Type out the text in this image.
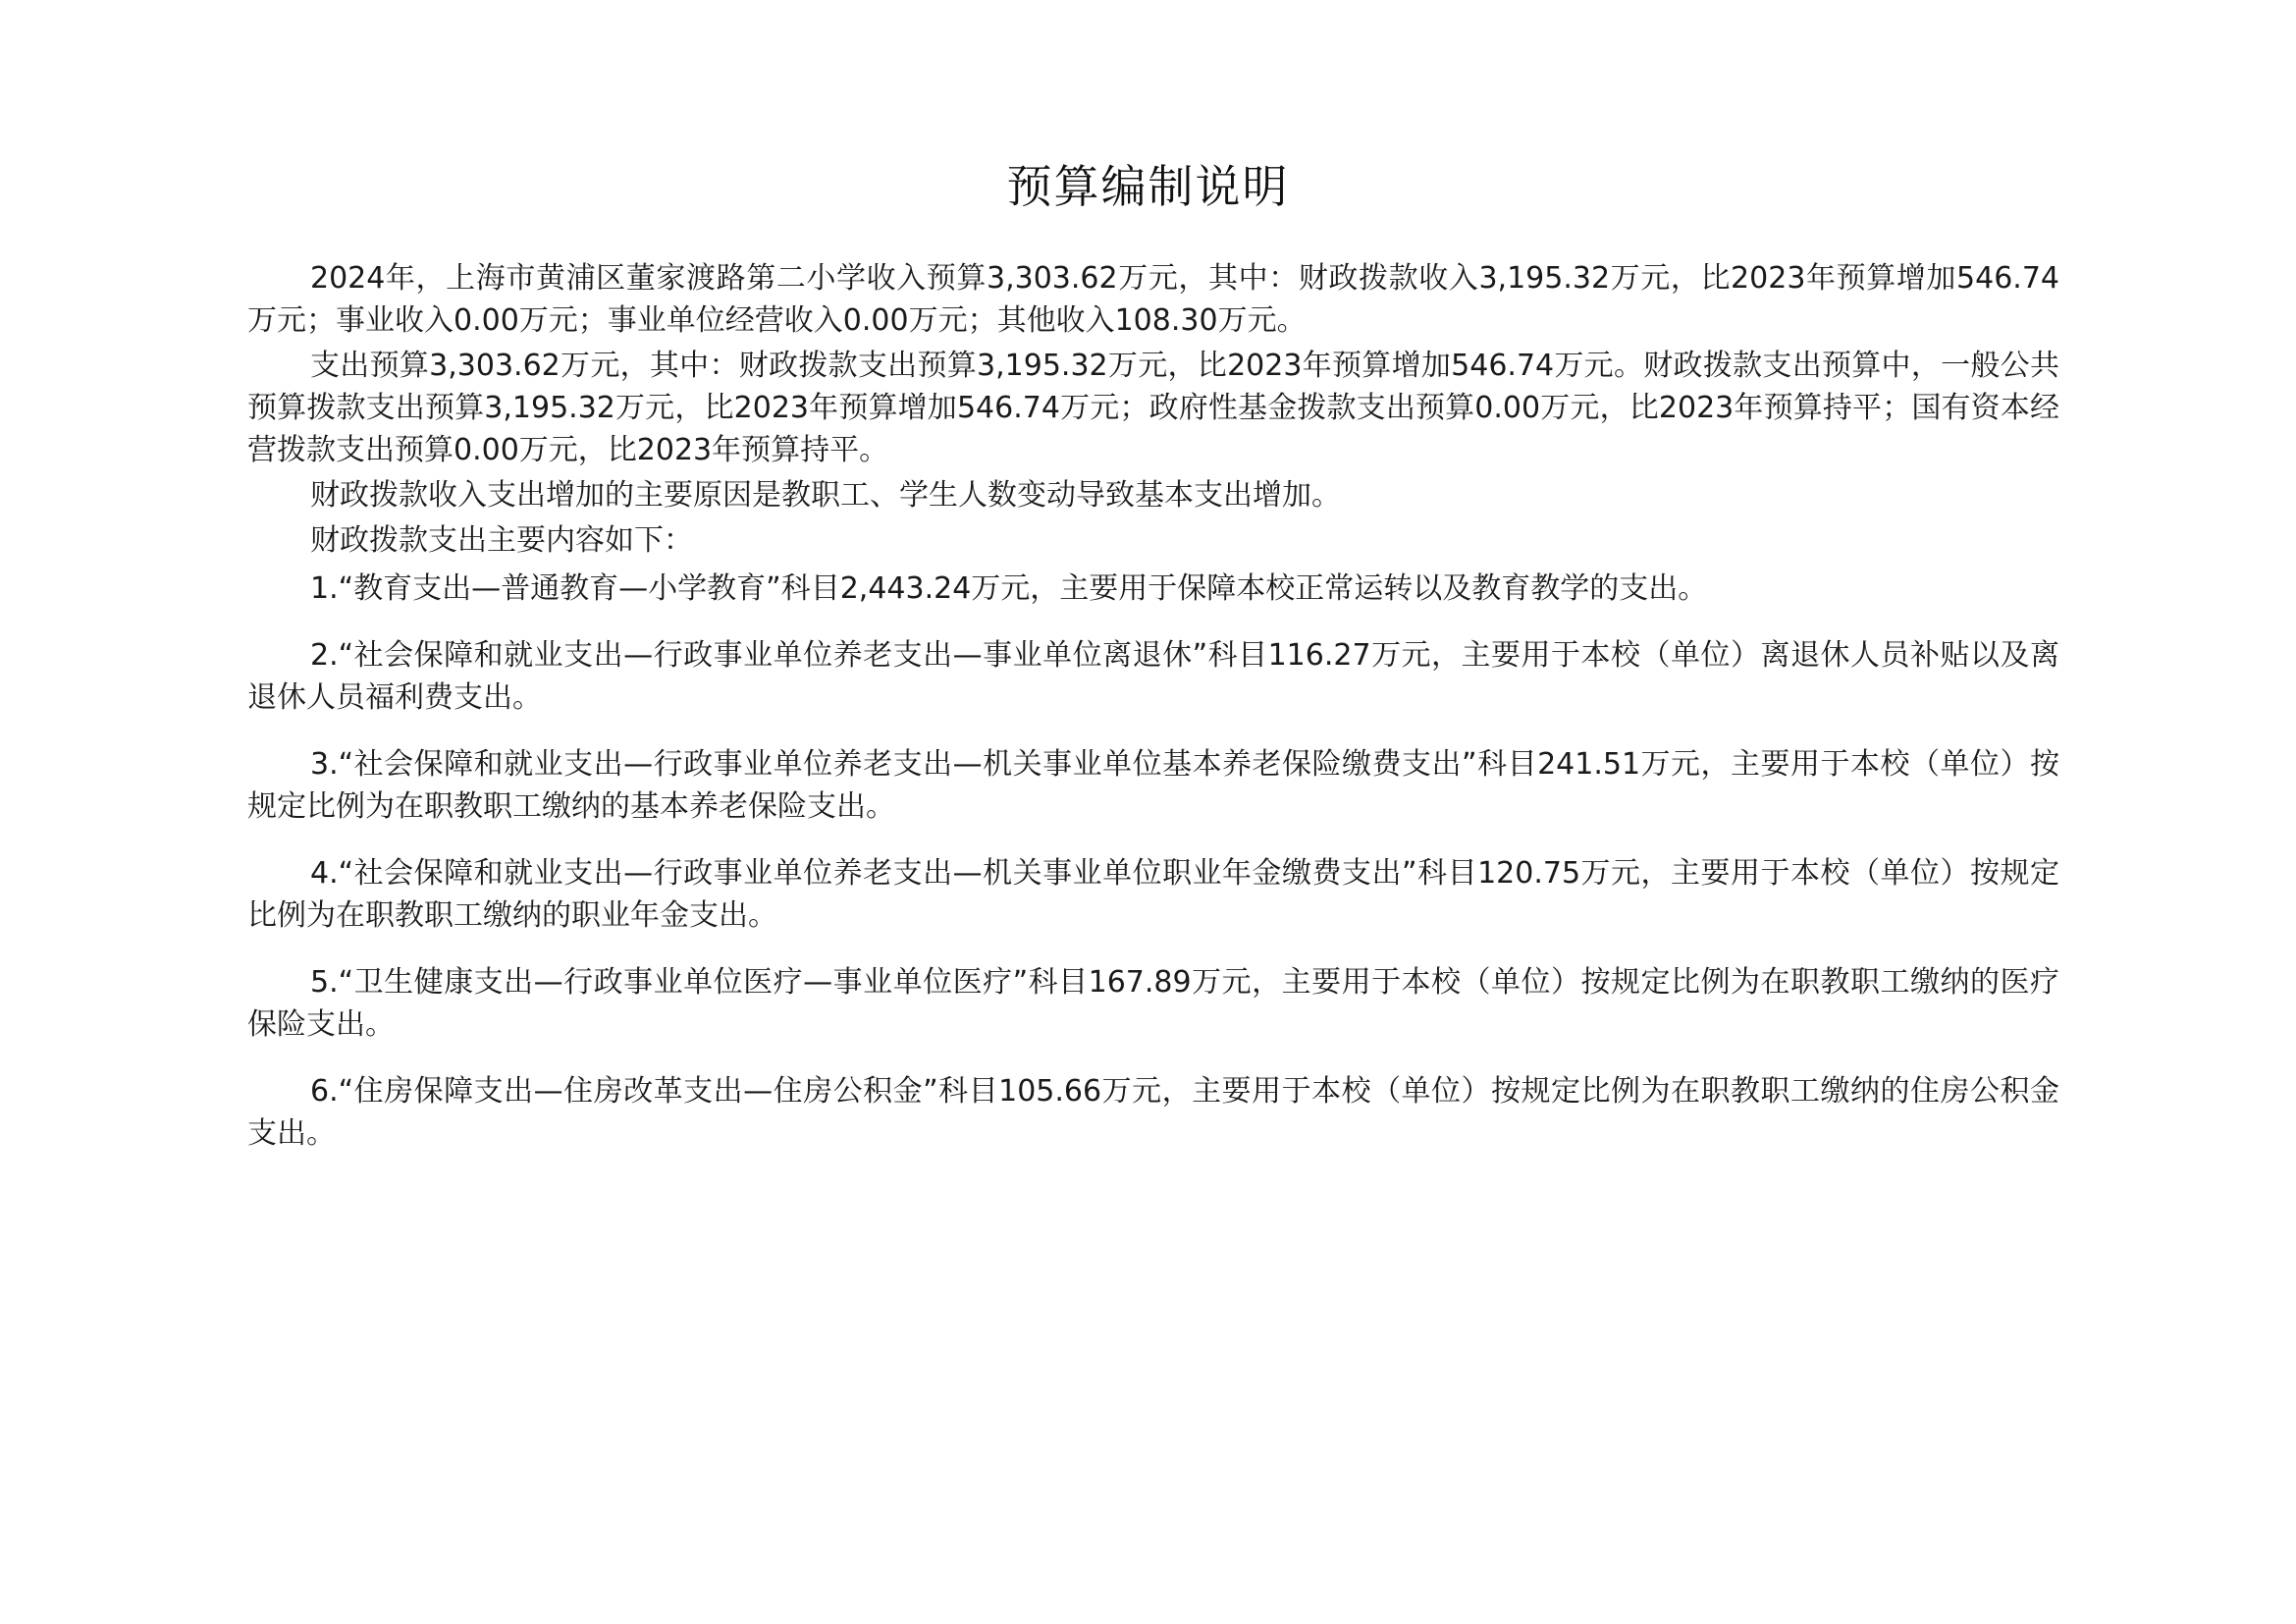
预算编制说明

2024年，上海市黄浦区董家渡路第二小学收入预算3,303.62万元，其中：财政拨款收入3,195.32万元，比2023年预算增加546.74万元；事业收入0.00万元；事业单位经营收入0.00万元；其他收入108.30万元。

支出预算3,303.62万元，其中：财政拨款支出预算3,195.32万元，比2023年预算增加546.74万元。财政拨款支出预算中，一般公共预算拨款支出预算3,195.32万元，比2023年预算增加546.74万元；政府性基金拨款支出预算0.00万元，比2023年预算持平；国有资本经营拨款支出预算0.00万元，比2023年预算持平。

财政拨款收入支出增加的主要原因是教职工、学生人数变动导致基本支出增加。

财政拨款支出主要内容如下：

1.“教育支出—普通教育—小学教育”科目2,443.24万元，主要用于保障本校正常运转以及教育教学的支出。

2.“社会保障和就业支出—行政事业单位养老支出—事业单位离退休”科目116.27万元，主要用于本校（单位）离退休人员补贴以及离退休人员福利费支出。

3.“社会保障和就业支出—行政事业单位养老支出—机关事业单位基本养老保险缴费支出”科目241.51万元，主要用于本校（单位）按规定比例为在职教职工缴纳的基本养老保险支出。

4.“社会保障和就业支出—行政事业单位养老支出—机关事业单位职业年金缴费支出”科目120.75万元，主要用于本校（单位）按规定比例为在职教职工缴纳的职业年金支出。

5.“卫生健康支出—行政事业单位医疗—事业单位医疗”科目167.89万元，主要用于本校（单位）按规定比例为在职教职工缴纳的医疗保险支出。

6.“住房保障支出—住房改革支出—住房公积金”科目105.66万元，主要用于本校（单位）按规定比例为在职教职工缴纳的住房公积金支出。
